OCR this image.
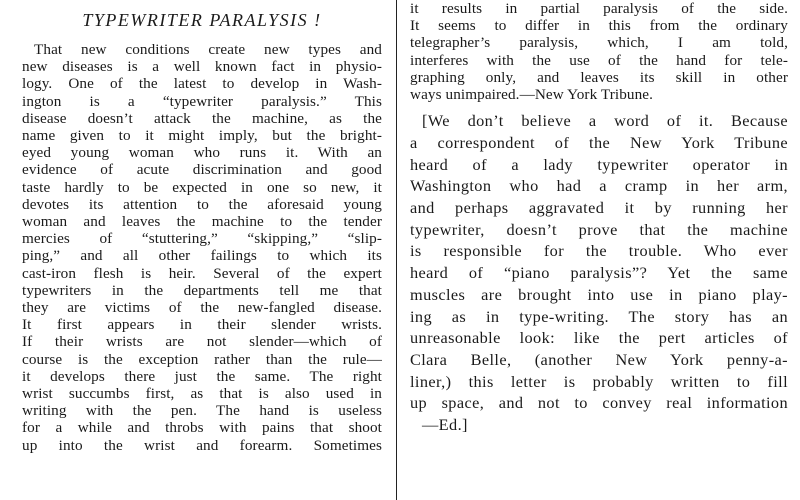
TYPEWRITER PARALYSIS !
That new conditions create new types and
new diseases is a well known fact in physio-
logy. One of the latest to develop in Wash-
ington is a “typewriter paralysis.” This
disease doesn’t attack the machine, as the
name given to it might imply, but the bright-
eyed young woman who runs it. With an
evidence of acute discrimination and good
taste hardly to be expected in one so new, it
devotes its attention to the aforesaid young
woman and leaves the machine to the tender
mercies of “stuttering,” “skipping,” “slip-
ping,” and all other failings to which its
cast-iron flesh is heir. Several of the expert
typewriters in the departments tell me that
they are victims of the new-fangled disease.
It first appears in their slender wrists.
If their wrists are not slender—which of
course is the exception rather than the rule—
it develops there just the same. The right
wrist succumbs first, as that is also used in
writing with the pen. The hand is useless
for a while and throbs with pains that shoot
up into the wrist and forearm. Sometimes
it results in partial paralysis of the side.
It seems to differ in this from the ordinary
telegrapher’s paralysis, which, I am told,
interferes with the use of the hand for tele-
graphing only, and leaves its skill in other
ways unimpaired.—New York Tribune.
[We don’t believe a word of it. Because
a correspondent of the New York Tribune
heard of a lady typewriter operator in
Washington who had a cramp in her arm,
and perhaps aggravated it by running her
typewriter, doesn’t prove that the machine
is responsible for the trouble. Who ever
heard of “piano paralysis”? Yet the same
muscles are brought into use in piano play-
ing as in type-writing. The story has an
unreasonable look: like the pert articles of
Clara Belle, (another New York penny-a-
liner,) this letter is probably written to fill
up space, and not to convey real information
—Ed.]
